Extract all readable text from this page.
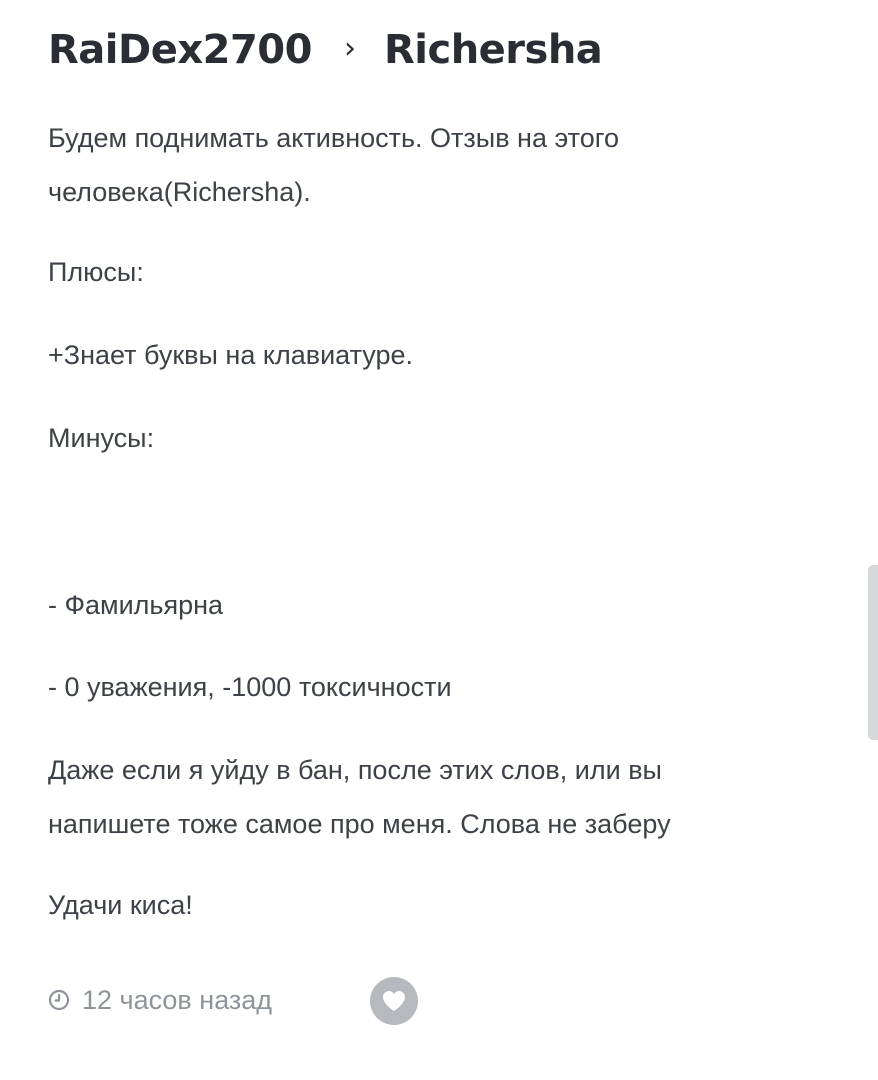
RaiDex2700 › Richersha

Будем поднимать активность. Отзыв на этого

человека(Richersha).

Плюсы:

+Знает буквы на клавиатуре.

Минусы:

- Фамильярна

- 0 уважения, -1000 токсичности

Даже если я уйду в бан, после этих слов, или вы

напишете тоже самое про меня. Слова не заберу

Удачи киса!

12 часов назад
